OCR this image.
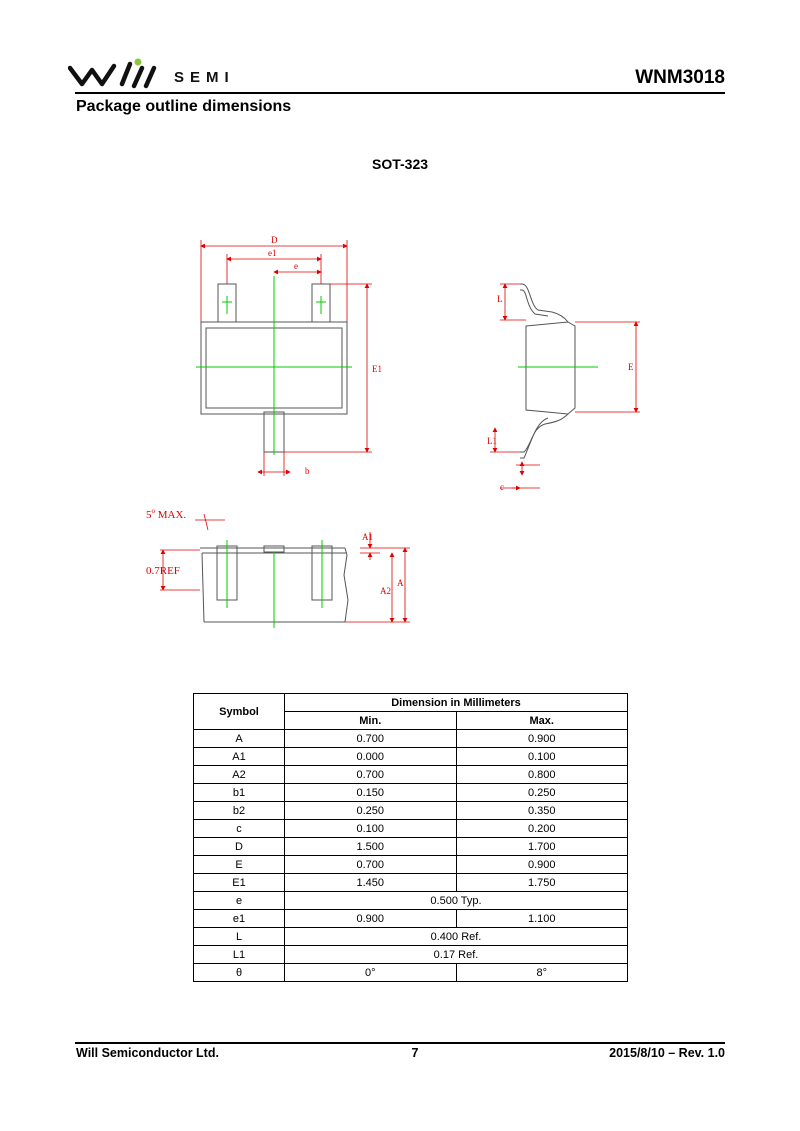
SEMI	WNM3018
Package outline dimensions
SOT-323
D
e1
e
E1
b
L
E
L1
c
5$^o$ MAX.
0.7REF
A1
A2
A
Symbol	Dimension in Millimeters	
	Min.	Max.
A	0.700	0.900
A1	0.000	0.100
A2	0.700	0.800
b1	0.150	0.250
b2	0.250	0.350
c	0.100	0.200
D	1.500	1.700
E	0.700	0.900
E1	1.450	1.750
e	0.500 Typ.	
e1	0.900	1.100
L	0.400 Ref.	
L1	0.17 Ref.	
θ	0°	8°
Will Semiconductor Ltd.	7	2015/8/10 – Rev. 1.0
